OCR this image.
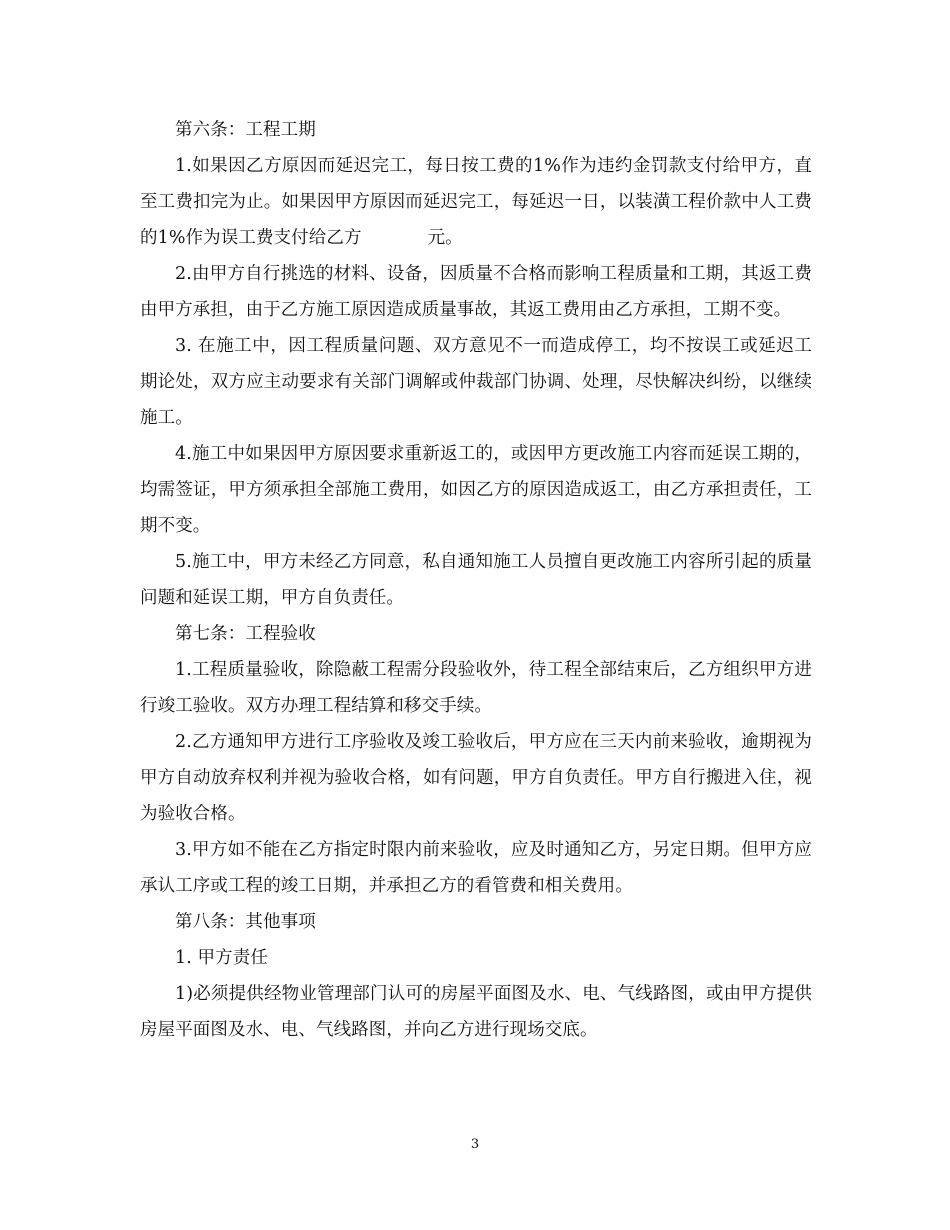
第六条：工程工期

1.如果因乙方原因而延迟完工，每日按工费的1%作为违约金罚款支付给甲方，直至工费扣完为止。如果因甲方原因而延迟完工，每延迟一日，以装潢工程价款中人工费的1%作为误工费支付给乙方	元。

2.由甲方自行挑选的材料、设备，因质量不合格而影响工程质量和工期，其返工费由甲方承担，由于乙方施工原因造成质量事故，其返工费用由乙方承担，工期不变。

3. 在施工中，因工程质量问题、双方意见不一而造成停工，均不按误工或延迟工期论处，双方应主动要求有关部门调解或仲裁部门协调、处理，尽快解决纠纷，以继续施工。

4.施工中如果因甲方原因要求重新返工的，或因甲方更改施工内容而延误工期的，均需签证，甲方须承担全部施工费用，如因乙方的原因造成返工，由乙方承担责任，工期不变。

5.施工中，甲方未经乙方同意，私自通知施工人员擅自更改施工内容所引起的质量问题和延误工期，甲方自负责任。

第七条：工程验收

1.工程质量验收，除隐蔽工程需分段验收外，待工程全部结束后，乙方组织甲方进行竣工验收。双方办理工程结算和移交手续。

2.乙方通知甲方进行工序验收及竣工验收后，甲方应在三天内前来验收，逾期视为甲方自动放弃权利并视为验收合格，如有问题，甲方自负责任。甲方自行搬进入住，视为验收合格。

3.甲方如不能在乙方指定时限内前来验收，应及时通知乙方，另定日期。但甲方应承认工序或工程的竣工日期，并承担乙方的看管费和相关费用。

第八条：其他事项

1. 甲方责任

1)必须提供经物业管理部门认可的房屋平面图及水、电、气线路图，或由甲方提供房屋平面图及水、电、气线路图，并向乙方进行现场交底。

3
